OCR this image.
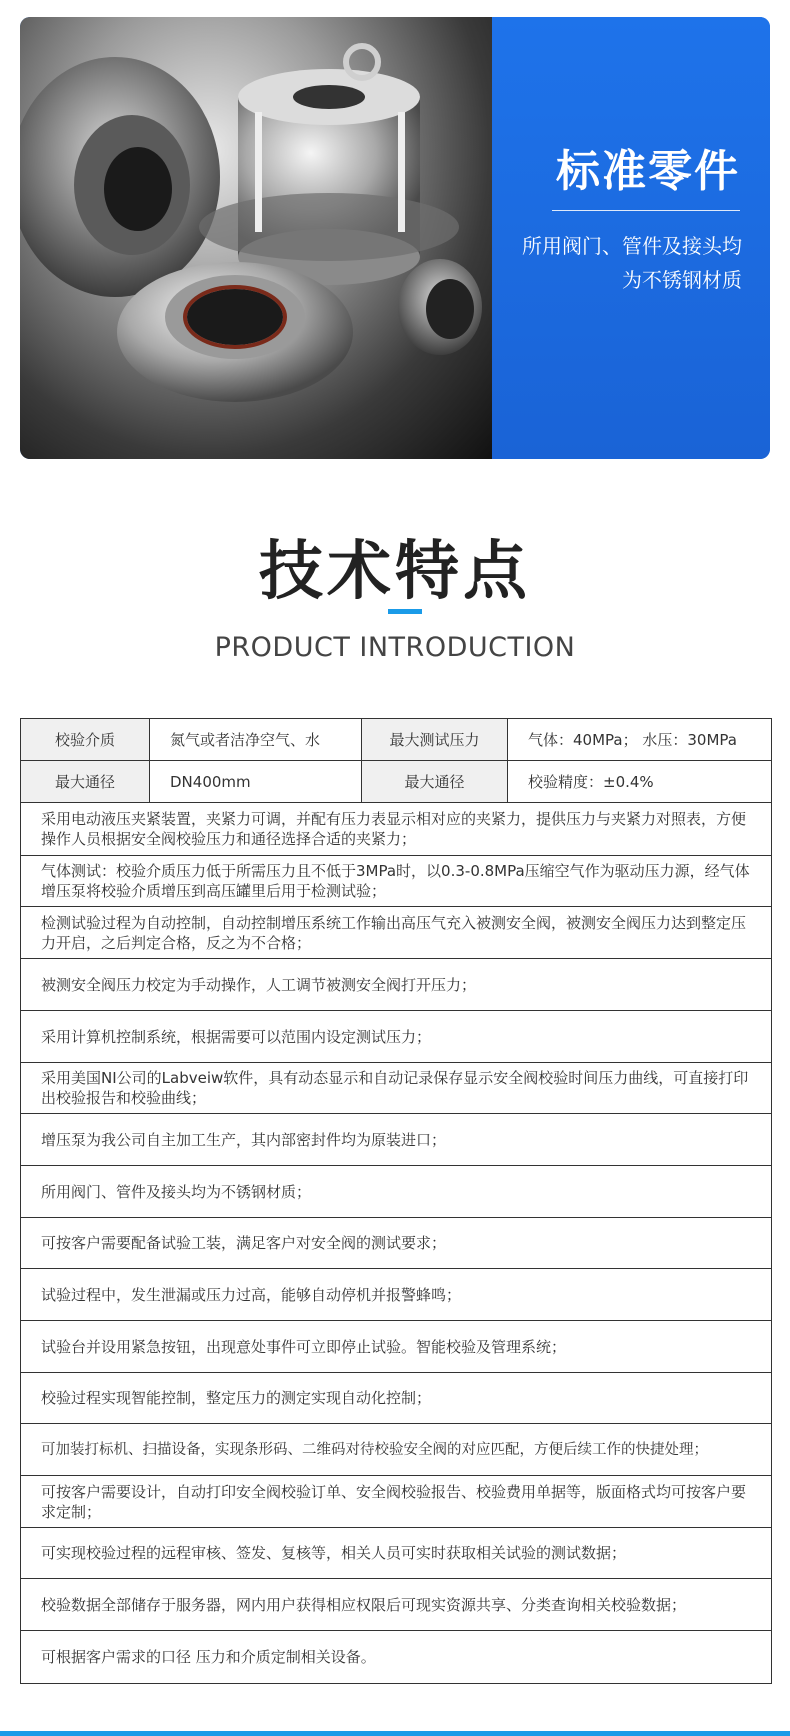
标准零件
所用阀门、管件及接头均为不锈钢材质
技术特点
PRODUCT INTRODUCTION
校验介质	氮气或者洁净空气、水	最大测试压力	气体：40MPa； 水压：30MPa
最大通径	DN400mm	最大通径	校验精度：±0.4%
采用电动液压夹紧装置，夹紧力可调，并配有压力表显示相对应的夹紧力，提供压力与夹紧力对照表，方便操作人员根据安全阀校验压力和通径选择合适的夹紧力；
气体测试：校验介质压力低于所需压力且不低于3MPa时，以0.3-0.8MPa压缩空气作为驱动压力源，经气体增压泵将校验介质增压到高压罐里后用于检测试验；
检测试验过程为自动控制，自动控制增压系统工作输出高压气充入被测安全阀，被测安全阀压力达到整定压力开启，之后判定合格，反之为不合格；
被测安全阀压力校定为手动操作，人工调节被测安全阀打开压力；
采用计算机控制系统，根据需要可以范围内设定测试压力；
采用美国NI公司的Labveiw软件，具有动态显示和自动记录保存显示安全阀校验时间压力曲线，可直接打印出校验报告和校验曲线；
增压泵为我公司自主加工生产，其内部密封件均为原装进口；
所用阀门、管件及接头均为不锈钢材质；
可按客户需要配备试验工装，满足客户对安全阀的测试要求；
试验过程中，发生泄漏或压力过高，能够自动停机并报警蜂鸣；
试验台并设用紧急按钮，出现意处事件可立即停止试验。智能校验及管理系统；
校验过程实现智能控制，整定压力的测定实现自动化控制；
可加装打标机、扫描设备，实现条形码、二维码对待校验安全阀的对应匹配，方便后续工作的快捷处理；
可按客户需要设计，自动打印安全阀校验订单、安全阀校验报告、校验费用单据等，版面格式均可按客户要求定制；
可实现校验过程的远程审核、签发、复核等，相关人员可实时获取相关试验的测试数据；
校验数据全部储存于服务器，网内用户获得相应权限后可现实资源共享、分类查询相关校验数据；
可根据客户需求的口径 压力和介质定制相关设备。
